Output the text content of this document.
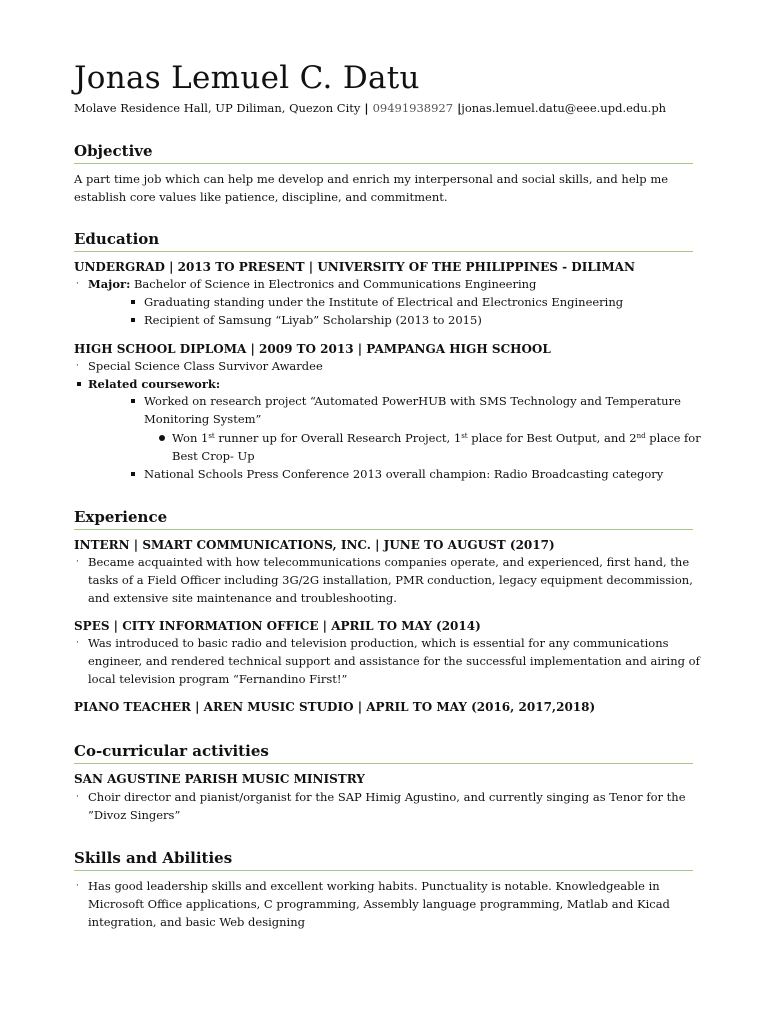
Jonas Lemuel C. Datu
Molave Residence Hall, UP Diliman, Quezon City | 09491938927 |jonas.lemuel.datu@eee.upd.edu.ph
Objective
A part time job which can help me develop and enrich my interpersonal and social skills, and help me
establish core values like patience, discipline, and commitment.
Education
UNDERGRAD | 2013 TO PRESENT | UNIVERSITY OF THE PHILIPPINES - DILIMAN
· Major: Bachelor of Science in Electronics and Communications Engineering
Graduating standing under the Institute of Electrical and Electronics Engineering
Recipient of Samsung “Liyab” Scholarship (2013 to 2015)
HIGH SCHOOL DIPLOMA | 2009 TO 2013 | PAMPANGA HIGH SCHOOL
· Special Science Class Survivor Awardee
Related coursework:
Worked on research project “Automated PowerHUB with SMS Technology and Temperature
Monitoring System”
Won 1st runner up for Overall Research Project, 1st place for Best Output, and 2nd place for
Best Crop- Up
National Schools Press Conference 2013 overall champion: Radio Broadcasting category
Experience
INTERN | SMART COMMUNICATIONS, INC. | JUNE TO AUGUST (2017)
· Became acquainted with how telecommunications companies operate, and experienced, first hand, the
tasks of a Field Officer including 3G/2G installation, PMR conduction, legacy equipment decommission,
and extensive site maintenance and troubleshooting.
SPES | CITY INFORMATION OFFICE | APRIL TO MAY (2014)
· Was introduced to basic radio and television production, which is essential for any communications
engineer, and rendered technical support and assistance for the successful implementation and airing of
local television program “Fernandino First!”
PIANO TEACHER | AREN MUSIC STUDIO | APRIL TO MAY (2016, 2017,2018)
Co-curricular activities
SAN AGUSTINE PARISH MUSIC MINISTRY
· Choir director and pianist/organist for the SAP Himig Agustino, and currently singing as Tenor for the
”Divoz Singers”
Skills and Abilities
· Has good leadership skills and excellent working habits. Punctuality is notable. Knowledgeable in
Microsoft Office applications, C programming, Assembly language programming, Matlab and Kicad
integration, and basic Web designing
